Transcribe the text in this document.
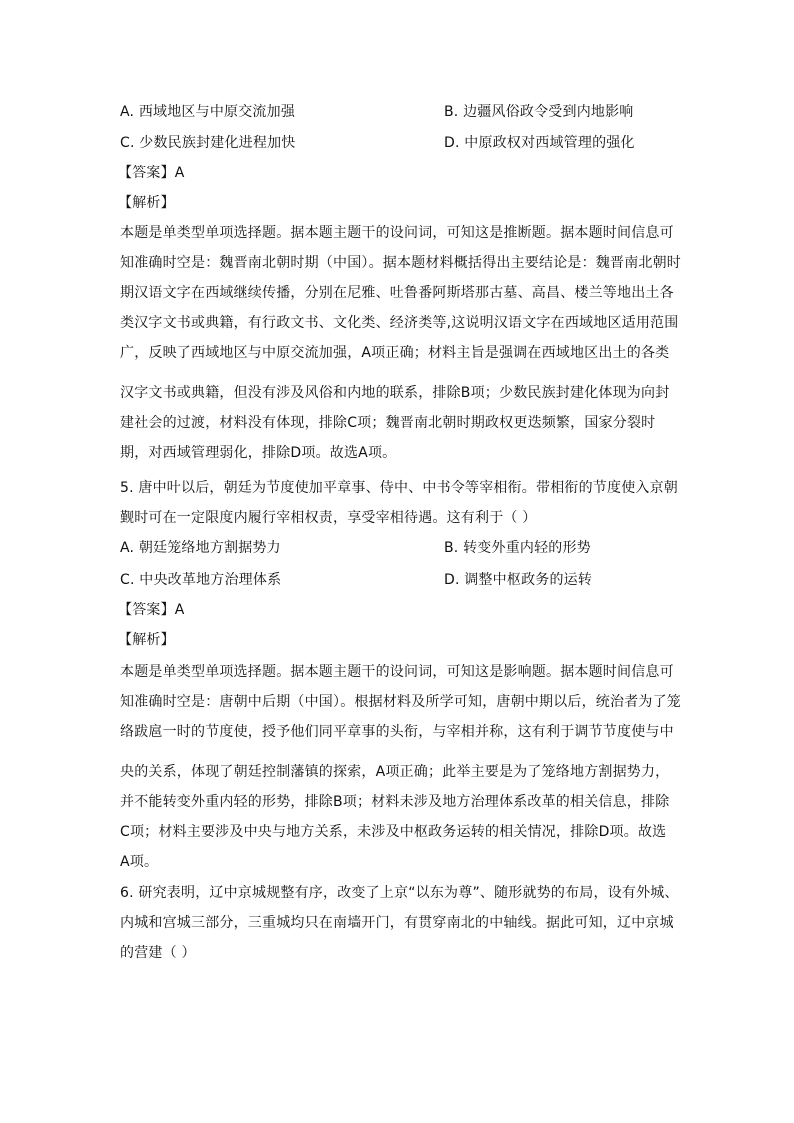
A. 西域地区与中原交流加强	B. 边疆风俗政令受到内地影响
C. 少数民族封建化进程加快	D. 中原政权对西域管理的强化
【答案】A
【解析】
本题是单类型单项选择题。据本题主题干的设问词，可知这是推断题。据本题时间信息可
知准确时空是：魏晋南北朝时期（中国）。据本题材料概括得出主要结论是：魏晋南北朝时
期汉语文字在西域继续传播，分别在尼雅、吐鲁番阿斯塔那古墓、高昌、楼兰等地出土各
类汉字文书或典籍，有行政文书、文化类、经济类等,这说明汉语文字在西域地区适用范围
广，反映了西域地区与中原交流加强，A项正确；材料主旨是强调在西域地区出土的各类
汉字文书或典籍，但没有涉及风俗和内地的联系，排除B项；少数民族封建化体现为向封
建社会的过渡，材料没有体现，排除C项；魏晋南北朝时期政权更迭频繁，国家分裂时
期，对西域管理弱化，排除D项。故选A项。
5. 唐中叶以后，朝廷为节度使加平章事、侍中、中书令等宰相衔。带相衔的节度使入京朝
觐时可在一定限度内履行宰相权责，享受宰相待遇。这有利于（ ）
A. 朝廷笼络地方割据势力	B. 转变外重内轻的形势
C. 中央改革地方治理体系	D. 调整中枢政务的运转
【答案】A
【解析】
本题是单类型单项选择题。据本题主题干的设问词，可知这是影响题。据本题时间信息可
知准确时空是：唐朝中后期（中国）。根据材料及所学可知，唐朝中期以后，统治者为了笼
络跋扈一时的节度使，授予他们同平章事的头衔，与宰相并称，这有利于调节节度使与中
央的关系，体现了朝廷控制藩镇的探索，A项正确；此举主要是为了笼络地方割据势力，
并不能转变外重内轻的形势，排除B项；材料未涉及地方治理体系改革的相关信息，排除
C项；材料主要涉及中央与地方关系，未涉及中枢政务运转的相关情况，排除D项。故选
A项。
6. 研究表明，辽中京城规整有序，改变了上京“以东为尊”、随形就势的布局，设有外城、
内城和宫城三部分，三重城均只在南墙开门，有贯穿南北的中轴线。据此可知，辽中京城
的营建（ ）
